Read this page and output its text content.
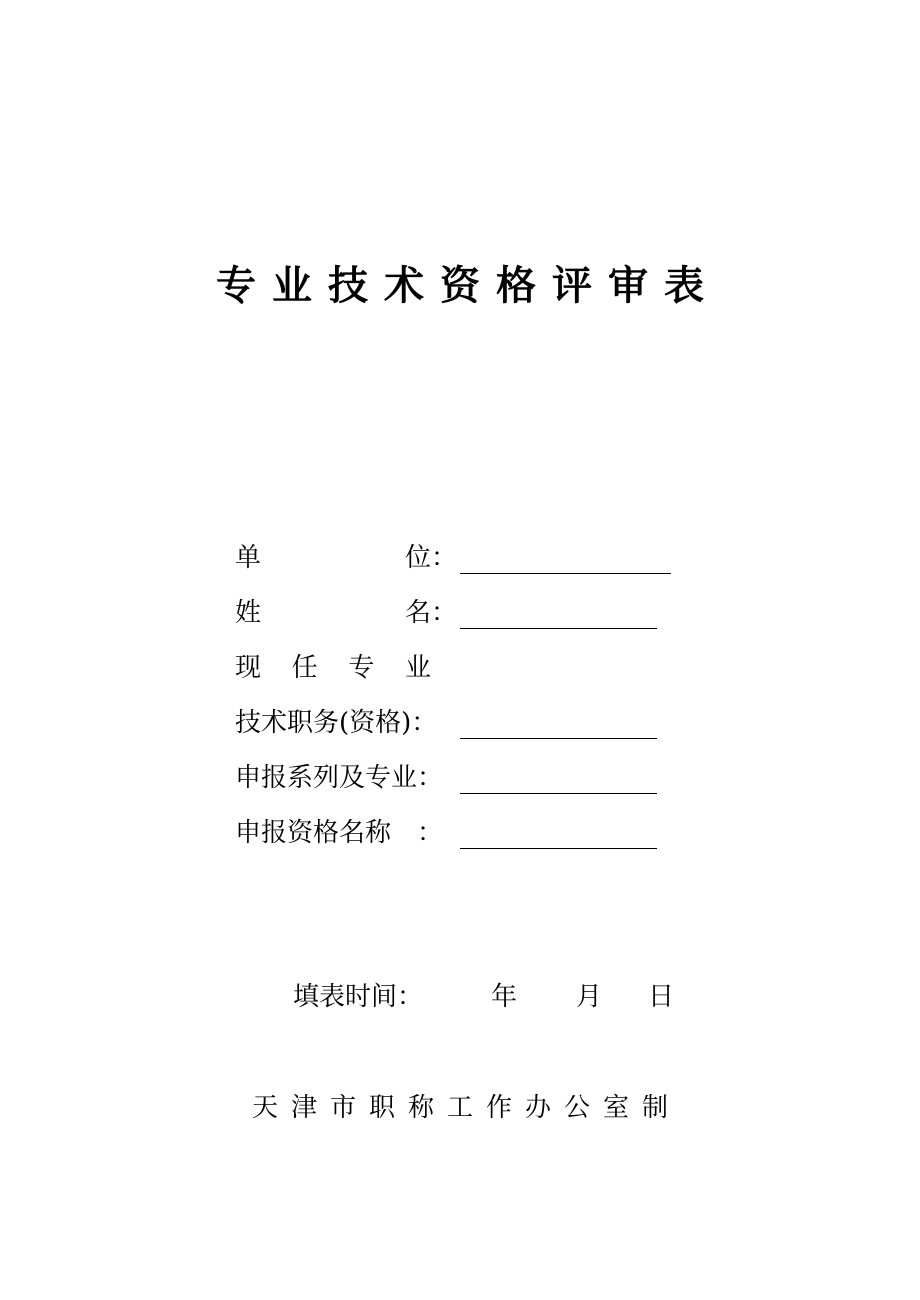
专业技术资格评审表
单	位：
姓	名：
现 任 专 业
技术职务(资格)：
申报系列及专业：
申报资格名称　：
填表时间：	年 月 日
天津市职称工作办公室制
